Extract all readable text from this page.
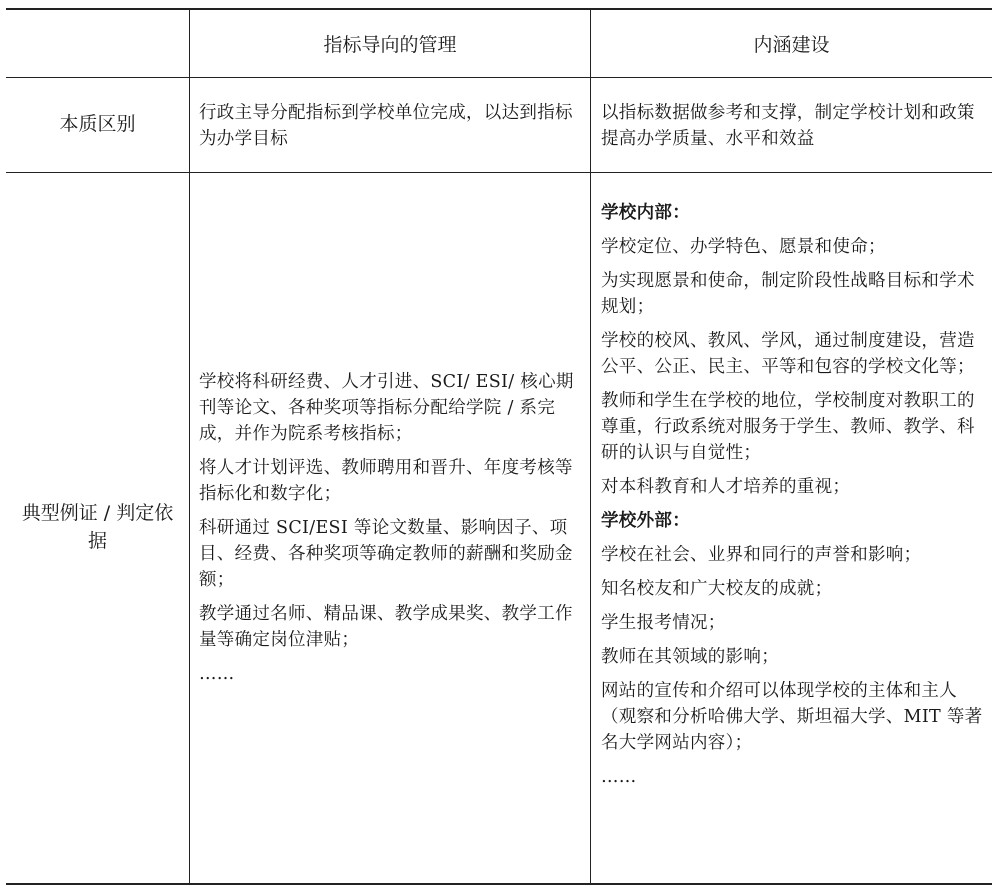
指标导向的管理	内涵建设
本质区别
行政主导分配指标到学校单位完成，以达到指标为办学目标
以指标数据做参考和支撑，制定学校计划和政策提高办学质量、水平和效益
典型例证 / 判定依据

学校将科研经费、人才引进、SCI/ ESI/ 核心期刊等论文、各种奖项等指标分配给学院 / 系完成，并作为院系考核指标；

将人才计划评选、教师聘用和晋升、年度考核等指标化和数字化；

科研通过 SCI/ESI 等论文数量、影响因子、项目、经费、各种奖项等确定教师的薪酬和奖励金额；

教学通过名师、精品课、教学成果奖、教学工作量等确定岗位津贴；

……

学校内部：

学校定位、办学特色、愿景和使命；

为实现愿景和使命，制定阶段性战略目标和学术规划；

学校的校风、教风、学风，通过制度建设，营造公平、公正、民主、平等和包容的学校文化等；

教师和学生在学校的地位，学校制度对教职工的尊重，行政系统对服务于学生、教师、教学、科研的认识与自觉性；

对本科教育和人才培养的重视；

学校外部：

学校在社会、业界和同行的声誉和影响；

知名校友和广大校友的成就；

学生报考情况；

教师在其领域的影响；

网站的宣传和介绍可以体现学校的主体和主人（观察和分析哈佛大学、斯坦福大学、MIT 等著名大学网站内容）；

……
